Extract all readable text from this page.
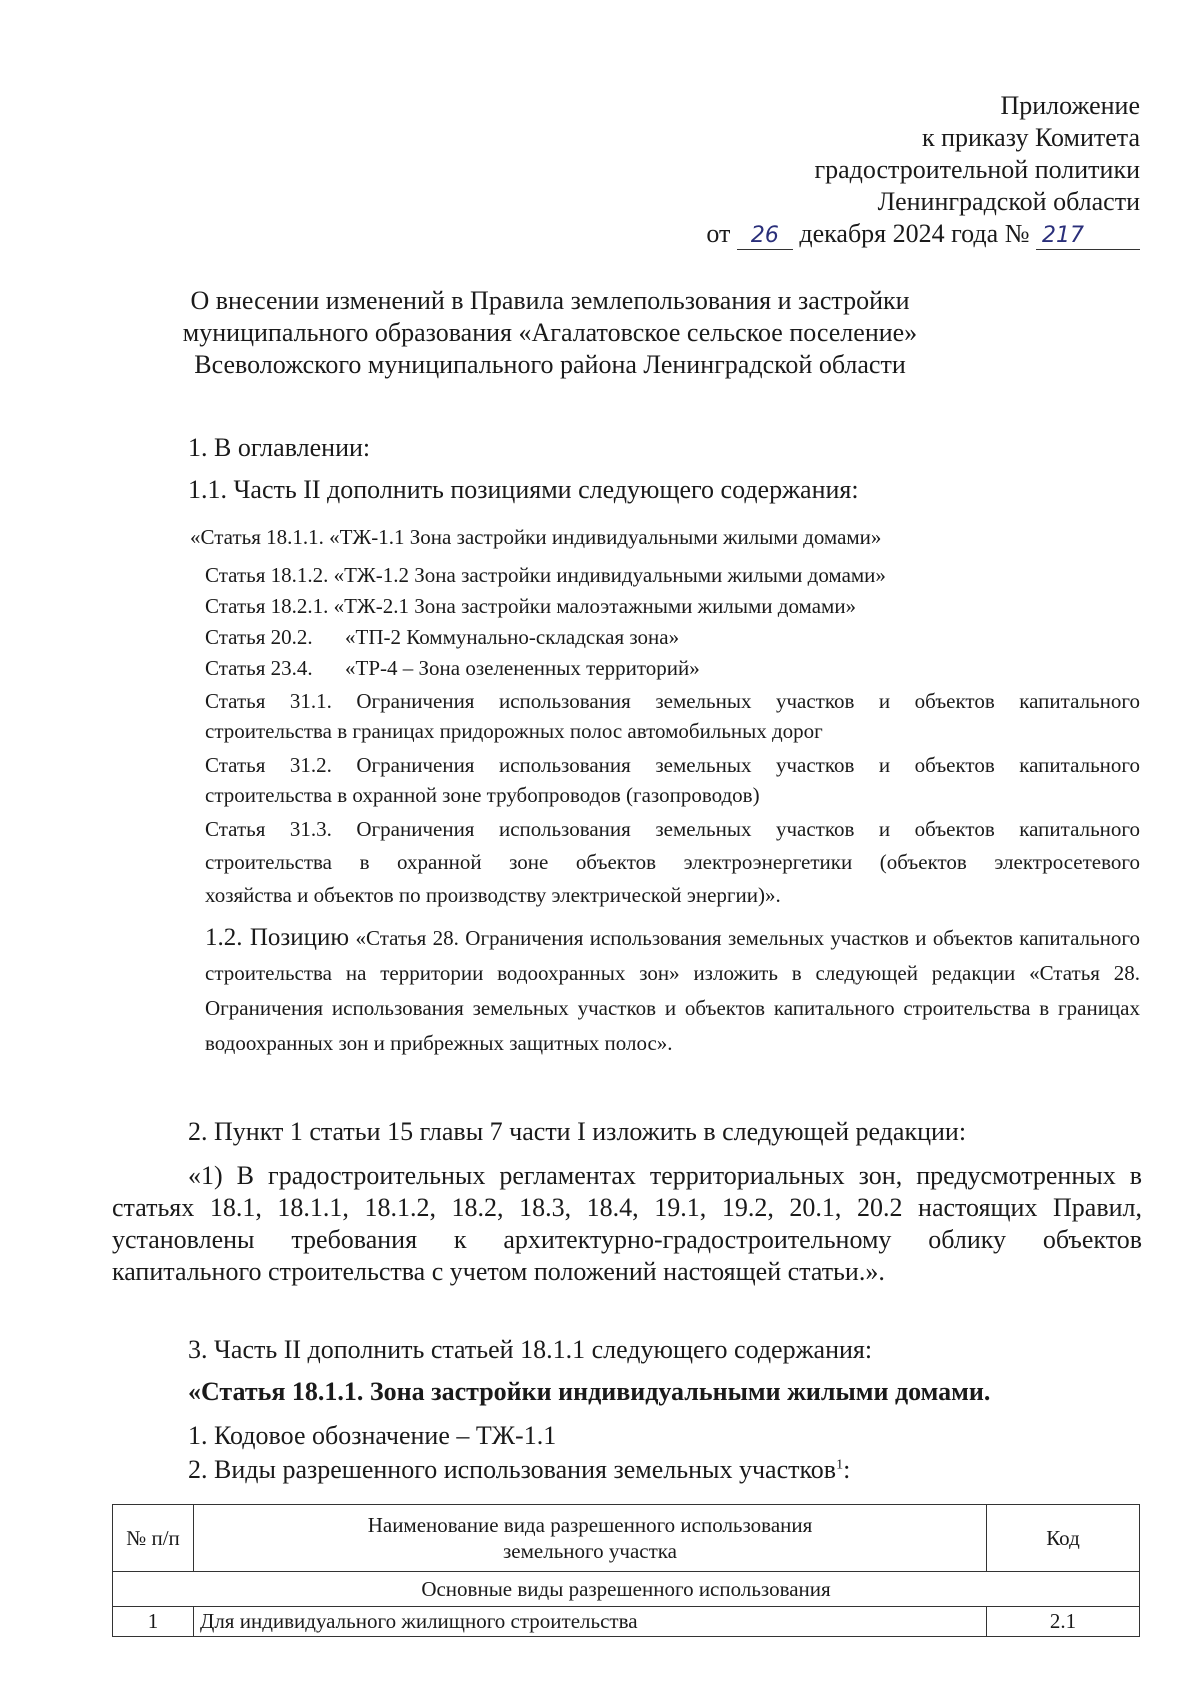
Приложение
к приказу Комитета
градостроительной политики
Ленинградской области
от 26 декабря 2024 года № 217
О внесении изменений в Правила землепользования и застройки
муниципального образования «Агалатовское сельское поселение»
Всеволожского муниципального района Ленинградской области
1. В оглавлении:
1.1. Часть II дополнить позициями следующего содержания:
«Статья 18.1.1. «ТЖ-1.1 Зона застройки индивидуальными жилыми домами»
Статья 18.1.2. «ТЖ-1.2 Зона застройки индивидуальными жилыми домами»
Статья 18.2.1. «ТЖ-2.1 Зона застройки малоэтажными жилыми домами»
Статья 20.2. «ТП-2 Коммунально-складская зона»
Статья 23.4. «ТР-4 – Зона озелененных территорий»
Статья 31.1. Ограничения использования земельных участков и объектов капитального
строительства в границах придорожных полос автомобильных дорог
Статья 31.2. Ограничения использования земельных участков и объектов капитального
строительства в охранной зоне трубопроводов (газопроводов)
Статья 31.3. Ограничения использования земельных участков и объектов капитального
строительства в охранной зоне объектов электроэнергетики (объектов электросетевого
хозяйства и объектов по производству электрической энергии)».
1.2. Позицию «Статья 28. Ограничения использования земельных участков и объектов капитального строительства на территории водоохранных зон» изложить в следующей редакции «Статья 28. Ограничения использования земельных участков и объектов капитального строительства в границах водоохранных зон и прибрежных защитных полос».
2. Пункт 1 статьи 15 главы 7 части I изложить в следующей редакции:
«1) В градостроительных регламентах территориальных зон, предусмотренных в статьях 18.1, 18.1.1, 18.1.2, 18.2, 18.3, 18.4, 19.1, 19.2, 20.1, 20.2 настоящих Правил, установлены требования к архитектурно-градостроительному облику объектов капитального строительства с учетом положений настоящей статьи.».
3. Часть II дополнить статьей 18.1.1 следующего содержания:
«Статья 18.1.1. Зона застройки индивидуальными жилыми домами.
1. Кодовое обозначение – ТЖ-1.1
2. Виды разрешенного использования земельных участков$^1$:
№ п/п	Наименование вида разрешенного использования
земельного участка	Код
Основные виды разрешенного использования		
1	Для индивидуального жилищного строительства	2.1
